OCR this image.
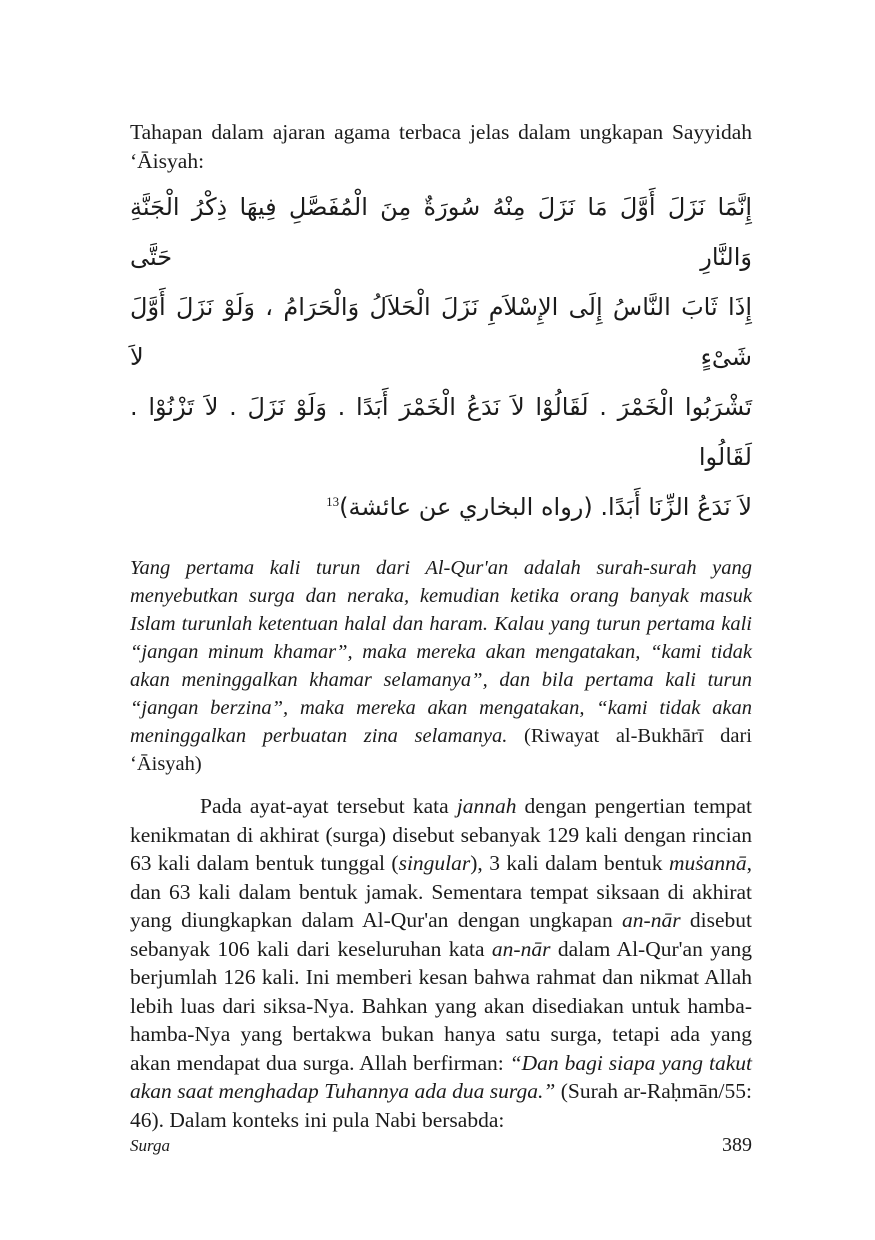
Tahapan dalam ajaran agama terbaca jelas dalam ungkapan Sayyidah ‘Āisyah:

إِنَّمَا نَزَلَ أَوَّلَ مَا نَزَلَ مِنْهُ سُورَةٌ مِنَ الْمُفَصَّلِ فِيهَا ذِكْرُ الْجَنَّةِ وَالنَّارِ حَتَّى
إِذَا ثَابَ النَّاسُ إِلَى الإِسْلاَمِ نَزَلَ الْحَلاَلُ وَالْحَرَامُ ، وَلَوْ نَزَلَ أَوَّلَ شَىْءٍ لاَ
تَشْرَبُوا الْخَمْرَ . لَقَالُوْا لاَ نَدَعُ الْخَمْرَ أَبَدًا . وَلَوْ نَزَلَ . لاَ تَزْنُوْا . لَقَالُوا
لاَ نَدَعُ الزِّنَا أَبَدًا. (رواه البخاري عن عائشة)$^{13}$

Yang pertama kali turun dari Al-Qur'an adalah surah-surah yang menyebutkan surga dan neraka, kemudian ketika orang banyak masuk Islam turunlah ketentuan halal dan haram. Kalau yang turun pertama kali “jangan minum khamar”, maka mereka akan mengatakan, “kami tidak akan meninggalkan khamar selamanya”, dan bila pertama kali turun “jangan berzina”, maka mereka akan mengatakan, “kami tidak akan meninggalkan perbuatan zina selamanya. (Riwayat al-Bukhārī dari ‘Āisyah)

Pada ayat-ayat tersebut kata jannah dengan pengertian tempat kenikmatan di akhirat (surga) disebut sebanyak 129 kali dengan rincian 63 kali dalam bentuk tunggal (singular), 3 kali dalam bentuk muṡannā, dan 63 kali dalam bentuk jamak. Sementara tempat siksaan di akhirat yang diungkapkan dalam Al-Qur'an dengan ungkapan an-nār disebut sebanyak 106 kali dari keseluruhan kata an-nār dalam Al-Qur'an yang berjumlah 126 kali. Ini memberi kesan bahwa rahmat dan nikmat Allah lebih luas dari siksa-Nya. Bahkan yang akan disediakan untuk hamba-hamba-Nya yang bertakwa bukan hanya satu surga, tetapi ada yang akan mendapat dua surga. Allah berfirman: “Dan bagi siapa yang takut akan saat menghadap Tuhannya ada dua surga.” (Surah ar-Raḥmān/55: 46). Dalam konteks ini pula Nabi bersabda:

Surga	389
